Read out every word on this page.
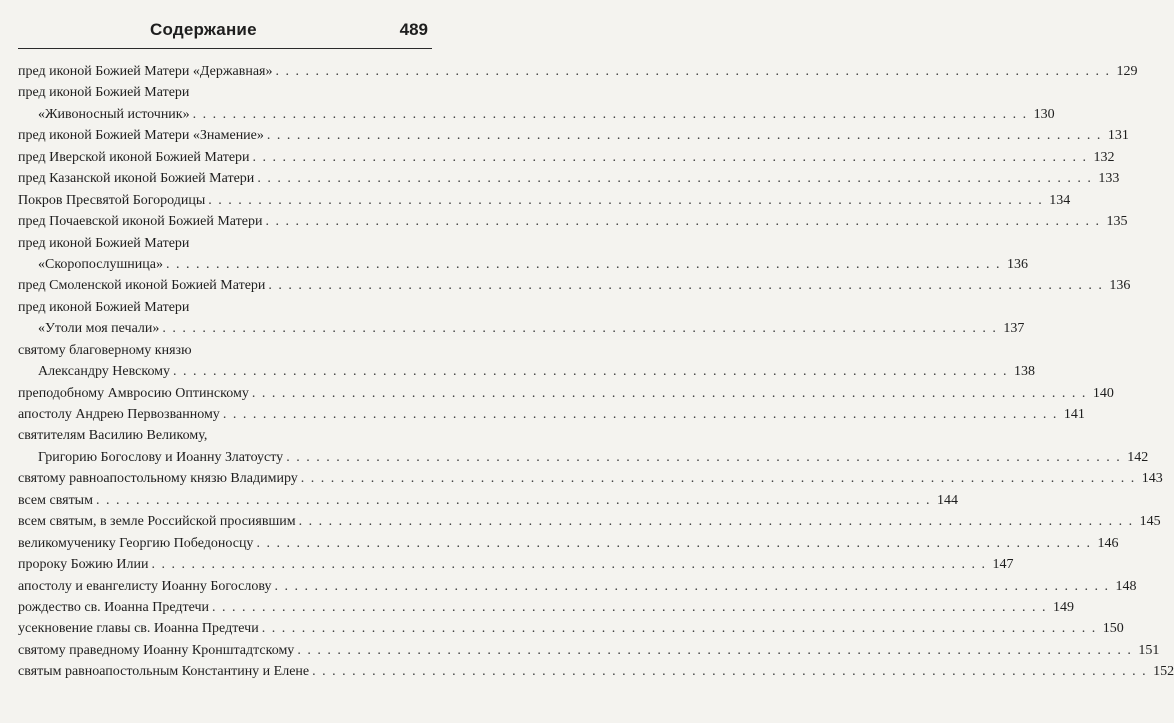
Содержание	489
пред иконой Божией Матери «Державная» . . . . . . . . . . . . . . . . . . . . . . . . . . . . . . . . . . . . . . . . . . . . . . . . . . . . . . . . . . . . . . . . . . . . . . . . . . . . . . . . . . . . 129
пред иконой Божией Матери
«Живоносный источник» . . . . . . . . . . . . . . . . . . . . . . . . . . . . . . . . . . . . . . . . . . . . . . . . . . . . . . . . . . . . . . . . . . . . . . . . . . . . . . . . . . . . 130
пред иконой Божией Матери «Знамение» . . . . . . . . . . . . . . . . . . . . . . . . . . . . . . . . . . . . . . . . . . . . . . . . . . . . . . . . . . . . . . . . . . . . . . . . . . . . . . . . . . . . 131
пред Иверской иконой Божией Матери . . . . . . . . . . . . . . . . . . . . . . . . . . . . . . . . . . . . . . . . . . . . . . . . . . . . . . . . . . . . . . . . . . . . . . . . . . . . . . . . . . . . 132
пред Казанской иконой Божией Матери . . . . . . . . . . . . . . . . . . . . . . . . . . . . . . . . . . . . . . . . . . . . . . . . . . . . . . . . . . . . . . . . . . . . . . . . . . . . . . . . . . . . 133
Покров Пресвятой Богородицы . . . . . . . . . . . . . . . . . . . . . . . . . . . . . . . . . . . . . . . . . . . . . . . . . . . . . . . . . . . . . . . . . . . . . . . . . . . . . . . . . . . . 134
пред Почаевской иконой Божией Матери . . . . . . . . . . . . . . . . . . . . . . . . . . . . . . . . . . . . . . . . . . . . . . . . . . . . . . . . . . . . . . . . . . . . . . . . . . . . . . . . . . . . 135
пред иконой Божией Матери
«Скоропослушница» . . . . . . . . . . . . . . . . . . . . . . . . . . . . . . . . . . . . . . . . . . . . . . . . . . . . . . . . . . . . . . . . . . . . . . . . . . . . . . . . . . . . 136
пред Смоленской иконой Божией Матери . . . . . . . . . . . . . . . . . . . . . . . . . . . . . . . . . . . . . . . . . . . . . . . . . . . . . . . . . . . . . . . . . . . . . . . . . . . . . . . . . . . . 136
пред иконой Божией Матери
«Утоли моя печали» . . . . . . . . . . . . . . . . . . . . . . . . . . . . . . . . . . . . . . . . . . . . . . . . . . . . . . . . . . . . . . . . . . . . . . . . . . . . . . . . . . . . 137
святому благоверному князю
Александру Невскому . . . . . . . . . . . . . . . . . . . . . . . . . . . . . . . . . . . . . . . . . . . . . . . . . . . . . . . . . . . . . . . . . . . . . . . . . . . . . . . . . . . . 138
преподобному Амвросию Оптинскому . . . . . . . . . . . . . . . . . . . . . . . . . . . . . . . . . . . . . . . . . . . . . . . . . . . . . . . . . . . . . . . . . . . . . . . . . . . . . . . . . . . . 140
апостолу Андрею Первозванному . . . . . . . . . . . . . . . . . . . . . . . . . . . . . . . . . . . . . . . . . . . . . . . . . . . . . . . . . . . . . . . . . . . . . . . . . . . . . . . . . . . . 141
святителям Василию Великому,
Григорию Богослову и Иоанну Златоусту . . . . . . . . . . . . . . . . . . . . . . . . . . . . . . . . . . . . . . . . . . . . . . . . . . . . . . . . . . . . . . . . . . . . . . . . . . . . . . . . . . . . 142
святому равноапостольному князю Владимиру . . . . . . . . . . . . . . . . . . . . . . . . . . . . . . . . . . . . . . . . . . . . . . . . . . . . . . . . . . . . . . . . . . . . . . . . . . . . . . . . . . . . 143
всем святым . . . . . . . . . . . . . . . . . . . . . . . . . . . . . . . . . . . . . . . . . . . . . . . . . . . . . . . . . . . . . . . . . . . . . . . . . . . . . . . . . . . . 144
всем святым, в земле Российской просиявшим . . . . . . . . . . . . . . . . . . . . . . . . . . . . . . . . . . . . . . . . . . . . . . . . . . . . . . . . . . . . . . . . . . . . . . . . . . . . . . . . . . . . 145
великомученику Георгию Победоносцу . . . . . . . . . . . . . . . . . . . . . . . . . . . . . . . . . . . . . . . . . . . . . . . . . . . . . . . . . . . . . . . . . . . . . . . . . . . . . . . . . . . . 146
пророку Божию Илии . . . . . . . . . . . . . . . . . . . . . . . . . . . . . . . . . . . . . . . . . . . . . . . . . . . . . . . . . . . . . . . . . . . . . . . . . . . . . . . . . . . . 147
апостолу и евангелисту Иоанну Богослову . . . . . . . . . . . . . . . . . . . . . . . . . . . . . . . . . . . . . . . . . . . . . . . . . . . . . . . . . . . . . . . . . . . . . . . . . . . . . . . . . . . . 148
рождество св. Иоанна Предтечи . . . . . . . . . . . . . . . . . . . . . . . . . . . . . . . . . . . . . . . . . . . . . . . . . . . . . . . . . . . . . . . . . . . . . . . . . . . . . . . . . . . . 149
усекновение главы св. Иоанна Предтечи . . . . . . . . . . . . . . . . . . . . . . . . . . . . . . . . . . . . . . . . . . . . . . . . . . . . . . . . . . . . . . . . . . . . . . . . . . . . . . . . . . . . 150
святому праведному Иоанну Кронштадтскому . . . . . . . . . . . . . . . . . . . . . . . . . . . . . . . . . . . . . . . . . . . . . . . . . . . . . . . . . . . . . . . . . . . . . . . . . . . . . . . . . . . . 151
святым равноапостольным Константину и Елене . . . . . . . . . . . . . . . . . . . . . . . . . . . . . . . . . . . . . . . . . . . . . . . . . . . . . . . . . . . . . . . . . . . . . . . . . . . . . . . . . . . . 152
